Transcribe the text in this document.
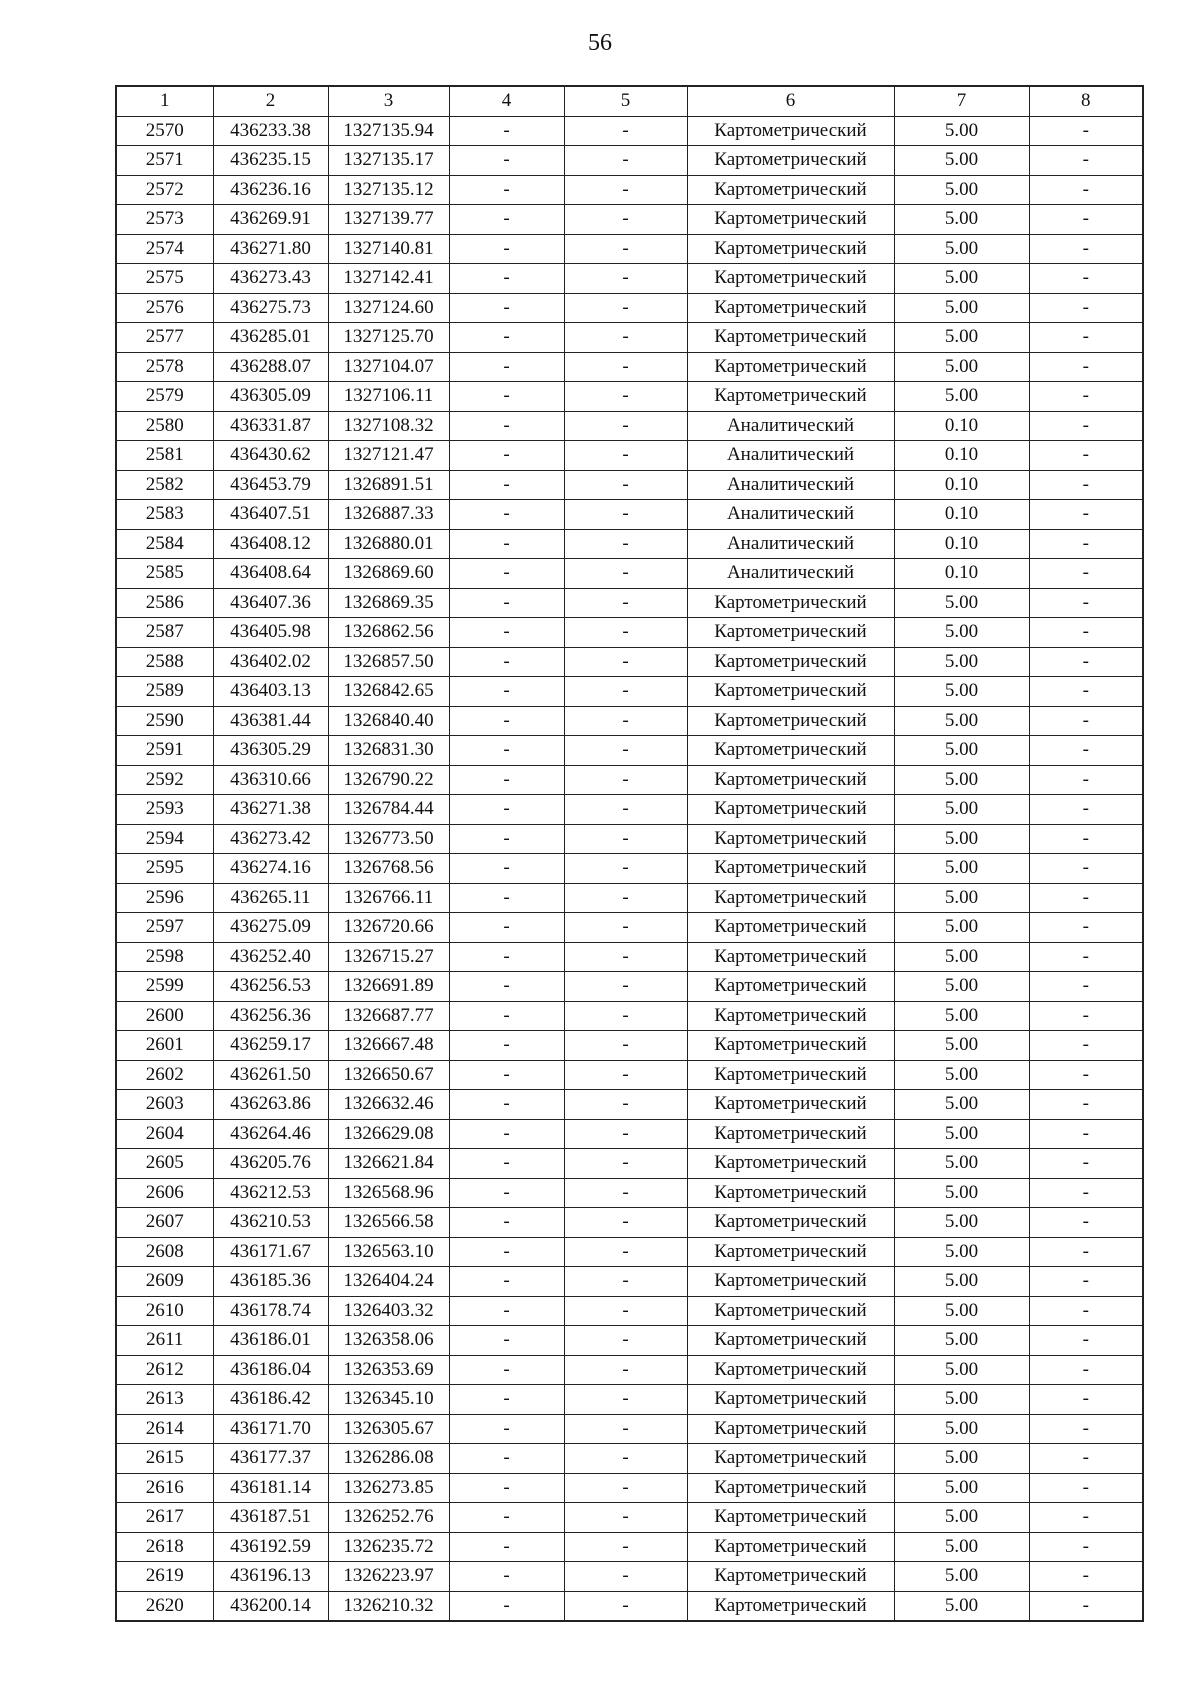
56
1	2	3	4	5	6	7	8
2570	436233.38	1327135.94	-	-	Картометрический	5.00	-
2571	436235.15	1327135.17	-	-	Картометрический	5.00	-
2572	436236.16	1327135.12	-	-	Картометрический	5.00	-
2573	436269.91	1327139.77	-	-	Картометрический	5.00	-
2574	436271.80	1327140.81	-	-	Картометрический	5.00	-
2575	436273.43	1327142.41	-	-	Картометрический	5.00	-
2576	436275.73	1327124.60	-	-	Картометрический	5.00	-
2577	436285.01	1327125.70	-	-	Картометрический	5.00	-
2578	436288.07	1327104.07	-	-	Картометрический	5.00	-
2579	436305.09	1327106.11	-	-	Картометрический	5.00	-
2580	436331.87	1327108.32	-	-	Аналитический	0.10	-
2581	436430.62	1327121.47	-	-	Аналитический	0.10	-
2582	436453.79	1326891.51	-	-	Аналитический	0.10	-
2583	436407.51	1326887.33	-	-	Аналитический	0.10	-
2584	436408.12	1326880.01	-	-	Аналитический	0.10	-
2585	436408.64	1326869.60	-	-	Аналитический	0.10	-
2586	436407.36	1326869.35	-	-	Картометрический	5.00	-
2587	436405.98	1326862.56	-	-	Картометрический	5.00	-
2588	436402.02	1326857.50	-	-	Картометрический	5.00	-
2589	436403.13	1326842.65	-	-	Картометрический	5.00	-
2590	436381.44	1326840.40	-	-	Картометрический	5.00	-
2591	436305.29	1326831.30	-	-	Картометрический	5.00	-
2592	436310.66	1326790.22	-	-	Картометрический	5.00	-
2593	436271.38	1326784.44	-	-	Картометрический	5.00	-
2594	436273.42	1326773.50	-	-	Картометрический	5.00	-
2595	436274.16	1326768.56	-	-	Картометрический	5.00	-
2596	436265.11	1326766.11	-	-	Картометрический	5.00	-
2597	436275.09	1326720.66	-	-	Картометрический	5.00	-
2598	436252.40	1326715.27	-	-	Картометрический	5.00	-
2599	436256.53	1326691.89	-	-	Картометрический	5.00	-
2600	436256.36	1326687.77	-	-	Картометрический	5.00	-
2601	436259.17	1326667.48	-	-	Картометрический	5.00	-
2602	436261.50	1326650.67	-	-	Картометрический	5.00	-
2603	436263.86	1326632.46	-	-	Картометрический	5.00	-
2604	436264.46	1326629.08	-	-	Картометрический	5.00	-
2605	436205.76	1326621.84	-	-	Картометрический	5.00	-
2606	436212.53	1326568.96	-	-	Картометрический	5.00	-
2607	436210.53	1326566.58	-	-	Картометрический	5.00	-
2608	436171.67	1326563.10	-	-	Картометрический	5.00	-
2609	436185.36	1326404.24	-	-	Картометрический	5.00	-
2610	436178.74	1326403.32	-	-	Картометрический	5.00	-
2611	436186.01	1326358.06	-	-	Картометрический	5.00	-
2612	436186.04	1326353.69	-	-	Картометрический	5.00	-
2613	436186.42	1326345.10	-	-	Картометрический	5.00	-
2614	436171.70	1326305.67	-	-	Картометрический	5.00	-
2615	436177.37	1326286.08	-	-	Картометрический	5.00	-
2616	436181.14	1326273.85	-	-	Картометрический	5.00	-
2617	436187.51	1326252.76	-	-	Картометрический	5.00	-
2618	436192.59	1326235.72	-	-	Картометрический	5.00	-
2619	436196.13	1326223.97	-	-	Картометрический	5.00	-
2620	436200.14	1326210.32	-	-	Картометрический	5.00	-
